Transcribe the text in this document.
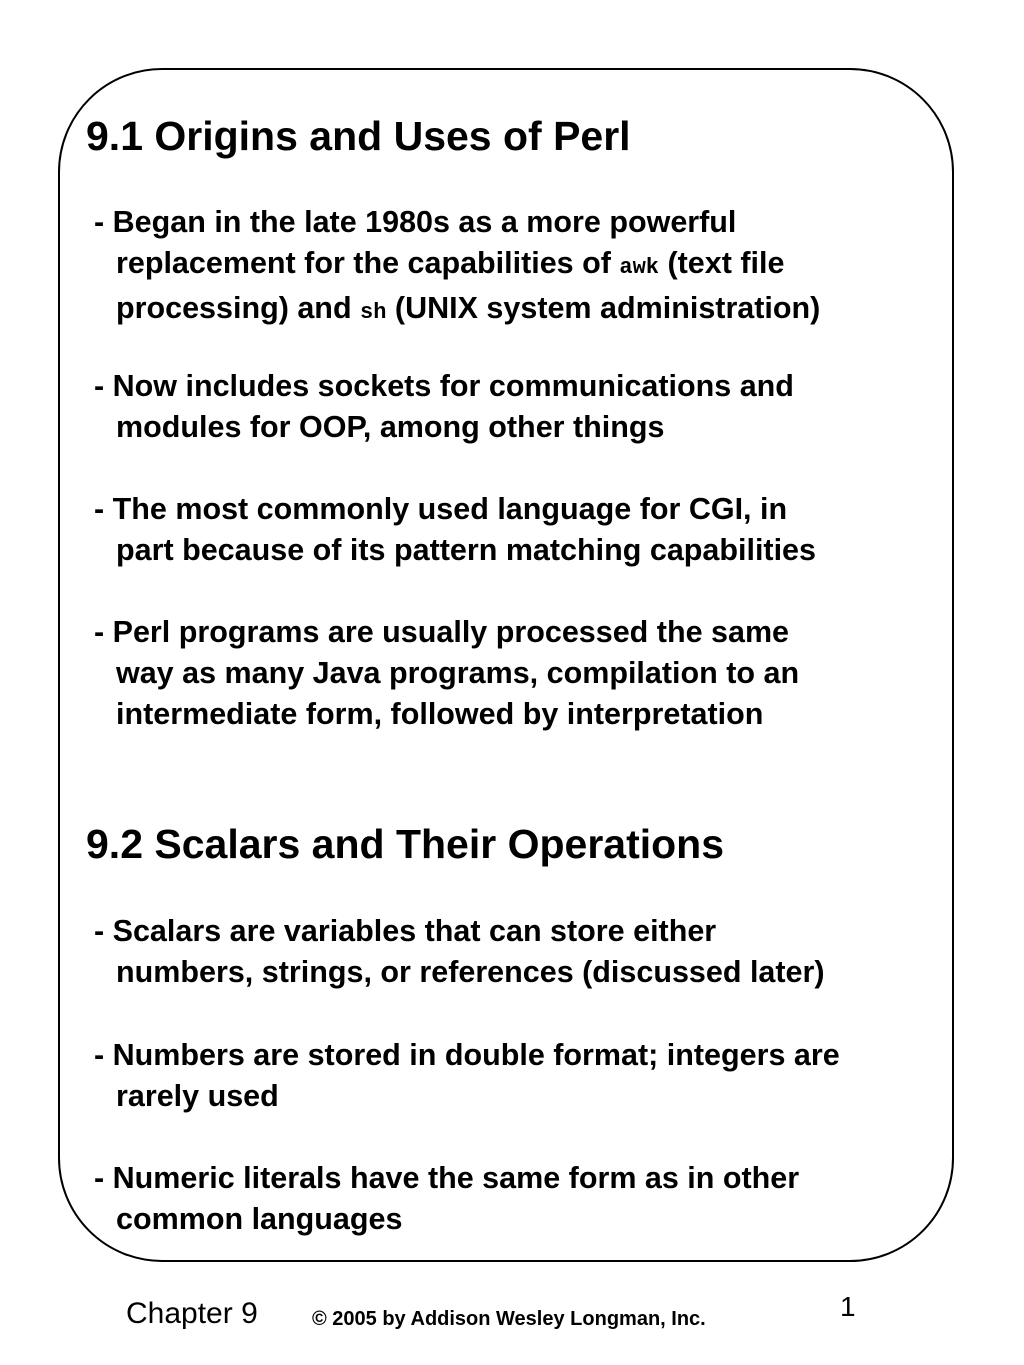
9.1 Origins and Uses of Perl

- Began in the late 1980s as a more powerful
replacement for the capabilities of awk (text file
processing) and sh (UNIX system administration)

- Now includes sockets for communications and
modules for OOP, among other things

- The most commonly used language for CGI, in
part because of its pattern matching capabilities

- Perl programs are usually processed the same
way as many Java programs, compilation to an
intermediate form, followed by interpretation

9.2 Scalars and Their Operations

- Scalars are variables that can store either
numbers, strings, or references (discussed later)

- Numbers are stored in double format; integers are
rarely used

- Numeric literals have the same form as in other
common languages

Chapter 9	© 2005 by Addison Wesley Longman, Inc.	1
